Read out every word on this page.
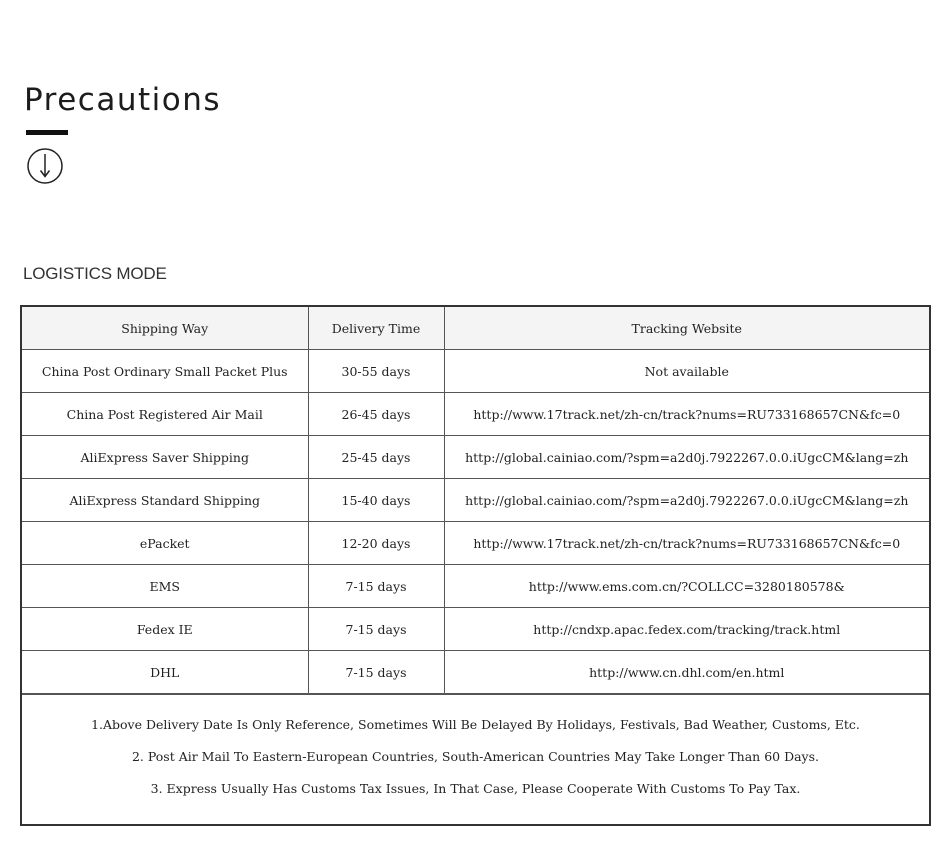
Precautions
LOGISTICS MODE
Shipping Way	Delivery Time	Tracking Website
China Post Ordinary Small Packet Plus	30-55 days	Not available
China Post Registered Air Mail	26-45 days	http://www.17track.net/zh-cn/track?nums=RU733168657CN&fc=0
AliExpress Saver Shipping	25-45 days	http://global.cainiao.com/?spm=a2d0j.7922267.0.0.iUgcCM&lang=zh
AliExpress Standard Shipping	15-40 days	http://global.cainiao.com/?spm=a2d0j.7922267.0.0.iUgcCM&lang=zh
ePacket	12-20 days	http://www.17track.net/zh-cn/track?nums=RU733168657CN&fc=0
EMS	7-15 days	http://www.ems.com.cn/?COLLCC=3280180578&
Fedex IE	7-15 days	http://cndxp.apac.fedex.com/tracking/track.html
DHL	7-15 days	http://www.cn.dhl.com/en.html

1.Above Delivery Date Is Only Reference, Sometimes Will Be Delayed By Holidays, Festivals, Bad Weather, Customs, Etc.

2. Post Air Mail To Eastern-European Countries, South-American Countries May Take Longer Than 60 Days.

3. Express Usually Has Customs Tax Issues, In That Case, Please Cooperate With Customs To Pay Tax.
